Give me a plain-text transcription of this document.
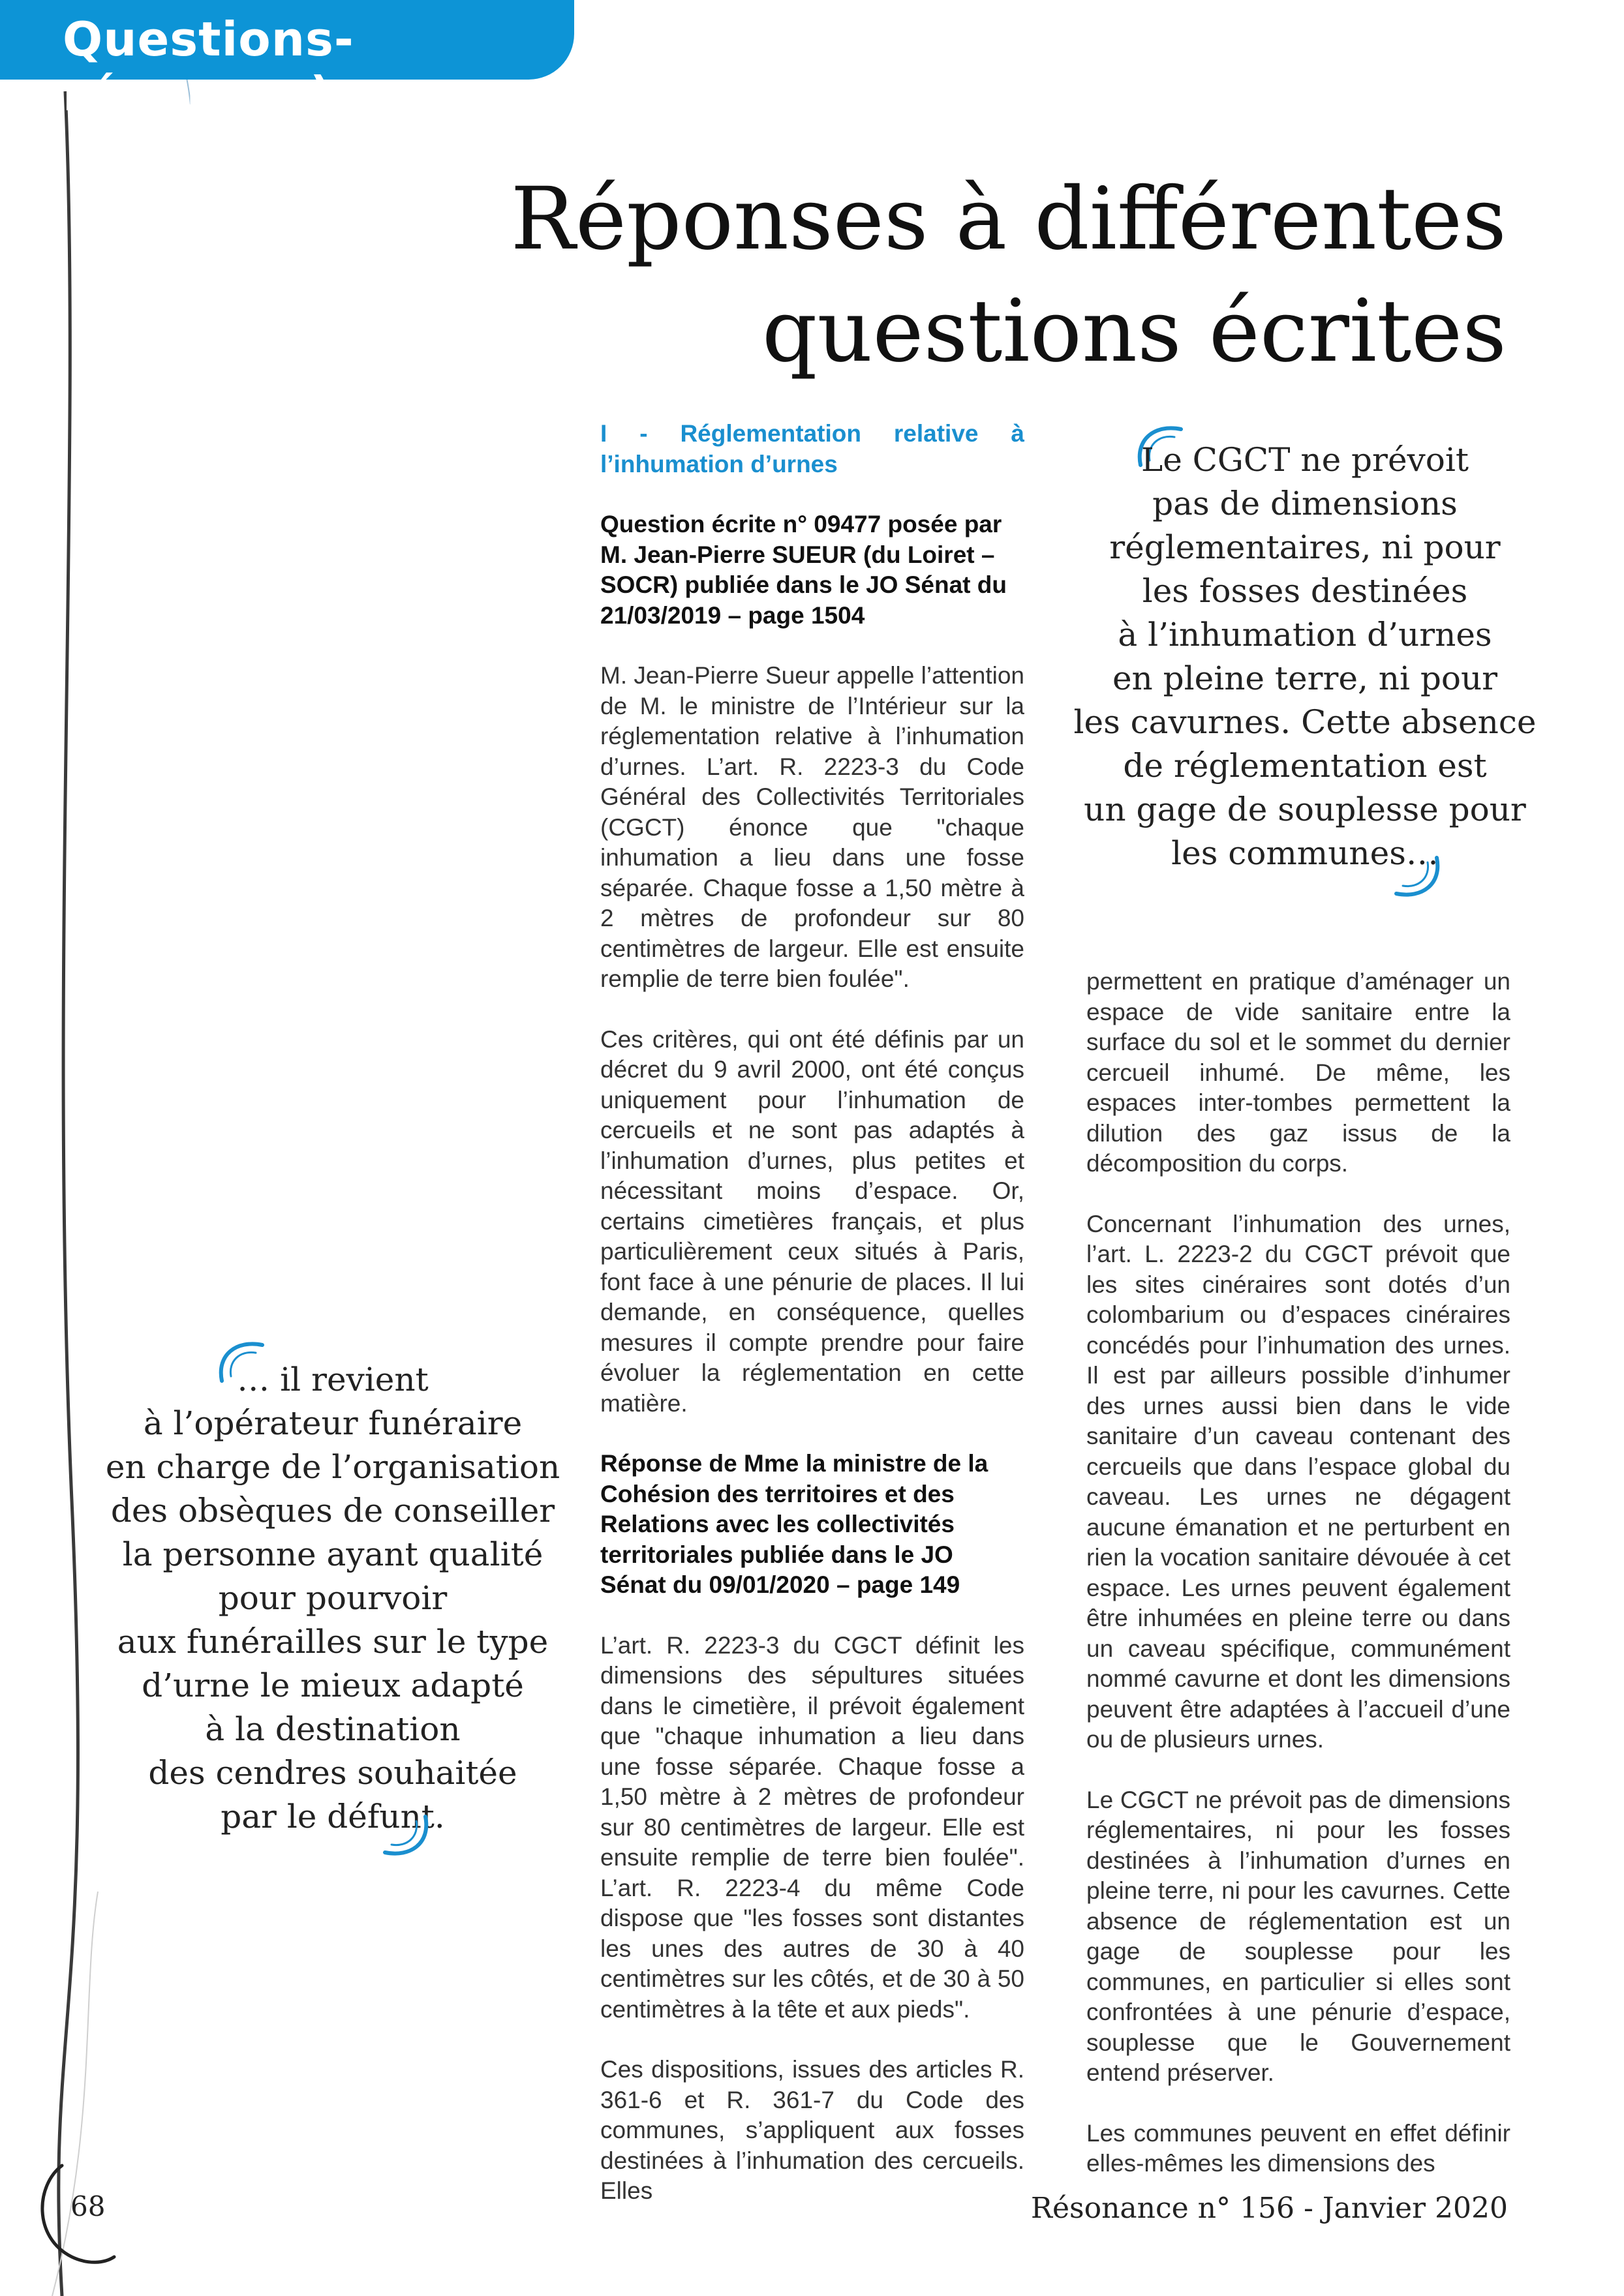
Questions-réponses)
Réponses à différentes
questions écrites

I - Réglementation relative à l’inhumation d’urnes

Question écrite n° 09477 posée par M. Jean-Pierre SUEUR (du Loiret – SOCR) publiée dans le JO Sénat du 21/03/2019 – page 1504

M. Jean-Pierre Sueur appelle l’attention de M. le ministre de l’Intérieur sur la réglementation relative à l’inhumation d’urnes. L’art. R. 2223-3 du Code Général des Collectivités Territoriales (CGCT) énonce que "chaque inhumation a lieu dans une fosse séparée. Chaque fosse a 1,50 mètre à 2 mètres de profondeur sur 80 centimètres de largeur. Elle est ensuite remplie de terre bien foulée".

Ces critères, qui ont été définis par un décret du 9 avril 2000, ont été conçus uniquement pour l’inhumation de cercueils et ne sont pas adaptés à l’inhumation d’urnes, plus petites et nécessitant moins d’espace. Or, certains cimetières français, et plus particulièrement ceux situés à Paris, font face à une pénurie de places. Il lui demande, en conséquence, quelles mesures il compte prendre pour faire évoluer la réglementation en cette matière.

Réponse de Mme la ministre de la Cohésion des territoires et des Relations avec les collectivités territoriales publiée dans le JO Sénat du 09/01/2020 – page 149

L’art. R. 2223-3 du CGCT définit les dimensions des sépultures situées dans le cimetière, il prévoit également que "chaque inhumation a lieu dans une fosse séparée. Chaque fosse a 1,50 mètre à 2 mètres de profondeur sur 80 centimètres de largeur. Elle est ensuite remplie de terre bien foulée". L’art. R. 2223-4 du même Code dispose que "les fosses sont distantes les unes des autres de 30 à 40 centimètres sur les côtés, et de 30 à 50 centimètres à la tête et aux pieds".

Ces dispositions, issues des articles R. 361-6 et R. 361-7 du Code des communes, s’appliquent aux fosses destinées à l’inhumation des cercueils. Elles

Le CGCT ne prévoit
pas de dimensions
réglementaires, ni pour
les fosses destinées
à l’inhumation d’urnes
en pleine terre, ni pour
les cavurnes. Cette absence
de réglementation est
un gage de souplesse pour
les communes…

permettent en pratique d’aménager un espace de vide sanitaire entre la surface du sol et le sommet du dernier cercueil inhumé. De même, les espaces inter-tombes permettent la dilution des gaz issus de la décomposition du corps.

Concernant l’inhumation des urnes, l’art. L. 2223-2 du CGCT prévoit que les sites cinéraires sont dotés d’un colombarium ou d’espaces cinéraires concédés pour l’inhumation des urnes. Il est par ailleurs possible d’inhumer des urnes aussi bien dans le vide sanitaire d’un caveau contenant des cercueils que dans l’espace global du caveau. Les urnes ne dégagent aucune émanation et ne perturbent en rien la vocation sanitaire dévouée à cet espace. Les urnes peuvent également être inhumées en pleine terre ou dans un caveau spécifique, communément nommé cavurne et dont les dimensions peuvent être adaptées à l’accueil d’une ou de plusieurs urnes.

Le CGCT ne prévoit pas de dimensions réglementaires, ni pour les fosses destinées à l’inhumation d’urnes en pleine terre, ni pour les cavurnes. Cette absence de réglementation est un gage de souplesse pour les communes, en particulier si elles sont confrontées à une pénurie d’espace, souplesse que le Gouvernement entend préserver.

Les communes peuvent en effet définir elles-mêmes les dimensions des

… il revient
à l’opérateur funéraire
en charge de l’organisation
des obsèques de conseiller
la personne ayant qualité
pour pourvoir
aux funérailles sur le type
d’urne le mieux adapté
à la destination
des cendres souhaitée
par le défunt.
68	Résonance n° 156 - Janvier 2020
